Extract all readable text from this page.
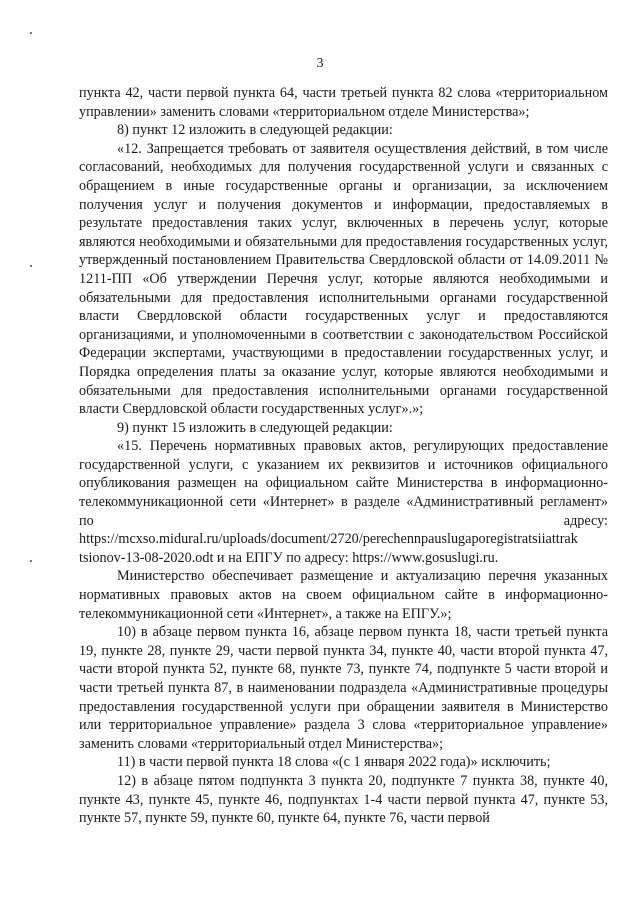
3

пункта 42, части первой пункта 64, части третьей пункта 82 слова «территориальном управлении» заменить словами «территориальном отделе Министерства»;

8) пункт 12 изложить в следующей редакции:

«12. Запрещается требовать от заявителя осуществления действий, в том числе согласований, необходимых для получения государственной услуги и связанных с обращением в иные государственные органы и организации, за исключением получения услуг и получения документов и информации, предоставляемых в результате предоставления таких услуг, включенных в перечень услуг, которые являются необходимыми и обязательными для предоставления государственных услуг, утвержденный постановлением Правительства Свердловской области от 14.09.2011 № 1211-ПП «Об утверждении Перечня услуг, которые являются необходимыми и обязательными для предоставления исполнительными органами государственной власти Свердловской области государственных услуг и предоставляются организациями, и уполномоченными в соответствии с законодательством Российской Федерации экспертами, участвующими в предоставлении государственных услуг, и Порядка определения платы за оказание услуг, которые являются необходимыми и обязательными для предоставления исполнительными органами государственной власти Свердловской области государственных услуг».»;

9) пункт 15 изложить в следующей редакции:

«15. Перечень нормативных правовых актов, регулирующих предоставление государственной услуги, с указанием их реквизитов и источников официального опубликования размещен на официальном сайте Министерства в информационно-телекоммуникационной сети «Интернет» в разделе «Административный регламент» по адресу: https://mcxso.midural.ru/uploads/document/2720/perechennpauslugaporegistratsiiattrak tsionov-13-08-2020.odt и на ЕПГУ по адресу: https://www.gosuslugi.ru.

Министерство обеспечивает размещение и актуализацию перечня указанных нормативных правовых актов на своем официальном сайте в информационно-телекоммуникационной сети «Интернет», а также на ЕПГУ.»;

10) в абзаце первом пункта 16, абзаце первом пункта 18, части третьей пункта 19, пункте 28, пункте 29, части первой пункта 34, пункте 40, части второй пункта 47, части второй пункта 52, пункте 68, пункте 73, пункте 74, подпункте 5 части второй и части третьей пункта 87, в наименовании подраздела «Административные процедуры предоставления государственной услуги при обращении заявителя в Министерство или территориальное управление» раздела 3 слова «территориальное управление» заменить словами «территориальный отдел Министерства»;

11) в части первой пункта 18 слова «(с 1 января 2022 года)» исключить;

12) в абзаце пятом подпункта 3 пункта 20, подпункте 7 пункта 38, пункте 40, пункте 43, пункте 45, пункте 46, подпунктах 1-4 части первой пункта 47, пункте 53, пункте 57, пункте 59, пункте 60, пункте 64, пункте 76, части первой
